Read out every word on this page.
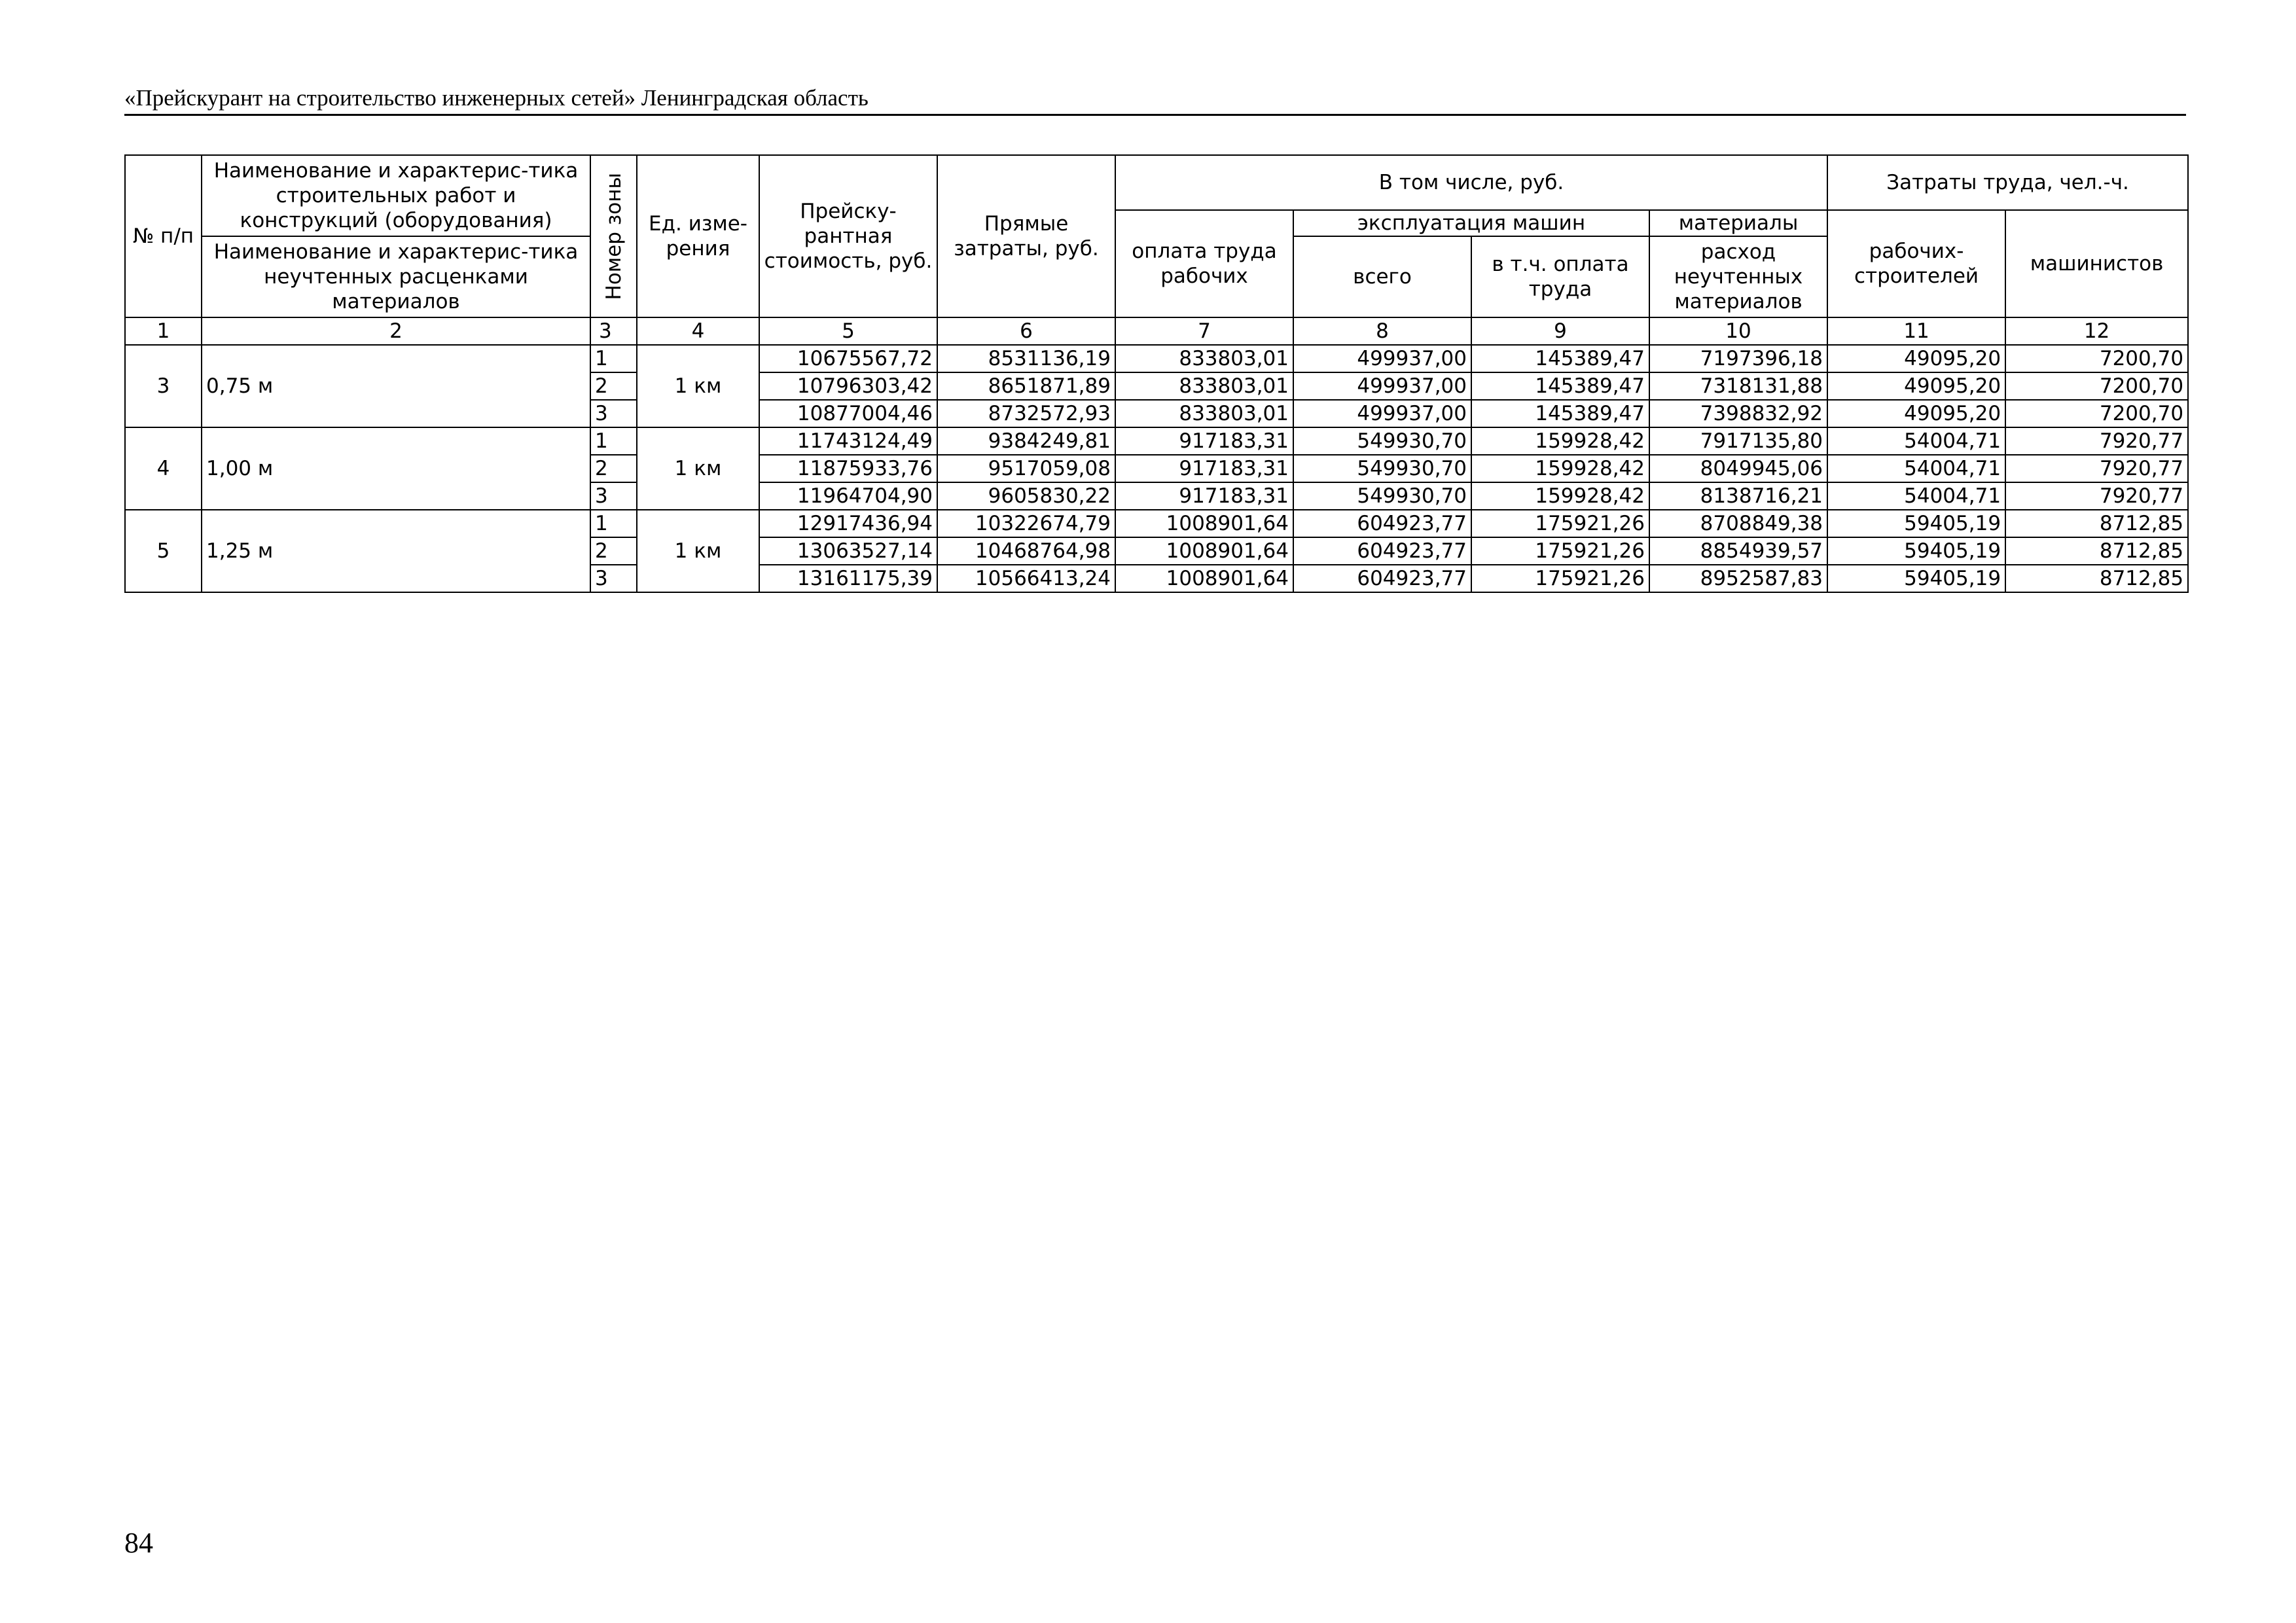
«Прейскурант на строительство инженерных сетей» Ленинградская область
№ п/п	Наименование и характерис-тика строительных работ и конструкций (оборудования)	Номер зоны	Ед. изме-рения	Прейску-рантная стоимость, руб.	Прямые затраты, руб.	В том числе, руб.				Затраты труда, чел.-ч.	
						оплата труда рабочих	эксплуатация машин		материалы	рабочих-строителей	машинистов
	Наименование и характерис-тика неучтенных расценками материалов						всего	в т.ч. оплата труда	расход неучтенных материалов		

1	2	3	4	5	6	7	8	9	10	11	12
3	0,75 м	1	1 км	10675567,72	8531136,19	833803,01	499937,00	145389,47	7197396,18	49095,20	7200,70
		2		10796303,42	8651871,89	833803,01	499937,00	145389,47	7318131,88	49095,20	7200,70
		3		10877004,46	8732572,93	833803,01	499937,00	145389,47	7398832,92	49095,20	7200,70
4	1,00 м	1	1 км	11743124,49	9384249,81	917183,31	549930,70	159928,42	7917135,80	54004,71	7920,77
		2		11875933,76	9517059,08	917183,31	549930,70	159928,42	8049945,06	54004,71	7920,77
		3		11964704,90	9605830,22	917183,31	549930,70	159928,42	8138716,21	54004,71	7920,77
5	1,25 м	1	1 км	12917436,94	10322674,79	1008901,64	604923,77	175921,26	8708849,38	59405,19	8712,85
		2		13063527,14	10468764,98	1008901,64	604923,77	175921,26	8854939,57	59405,19	8712,85
		3		13161175,39	10566413,24	1008901,64	604923,77	175921,26	8952587,83	59405,19	8712,85
84
